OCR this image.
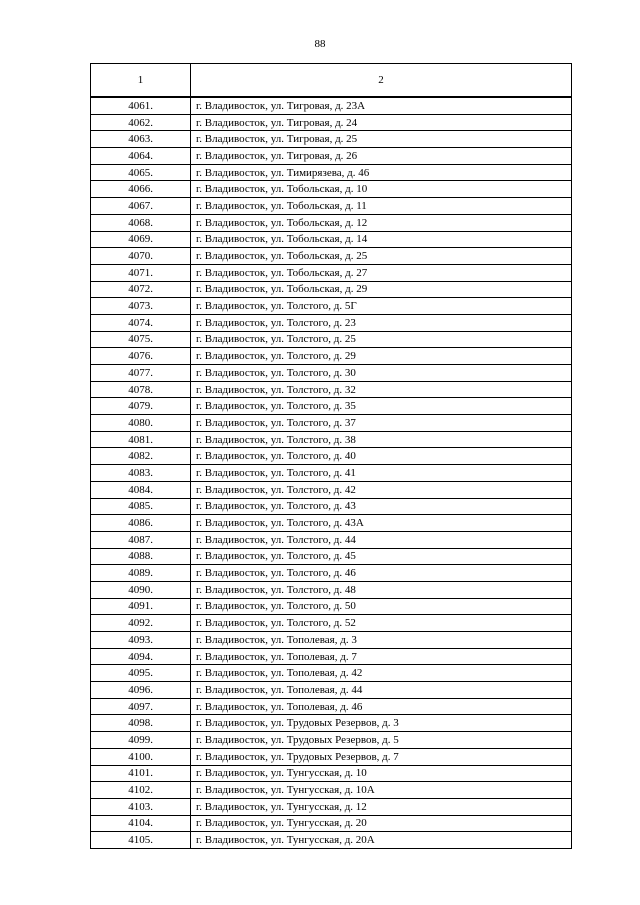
88
1	2
4061.	г. Владивосток, ул. Тигровая, д. 23А
4062.	г. Владивосток, ул. Тигровая, д. 24
4063.	г. Владивосток, ул. Тигровая, д. 25
4064.	г. Владивосток, ул. Тигровая, д. 26
4065.	г. Владивосток, ул. Тимирязева, д. 46
4066.	г. Владивосток, ул. Тобольская, д. 10
4067.	г. Владивосток, ул. Тобольская, д. 11
4068.	г. Владивосток, ул. Тобольская, д. 12
4069.	г. Владивосток, ул. Тобольская, д. 14
4070.	г. Владивосток, ул. Тобольская, д. 25
4071.	г. Владивосток, ул. Тобольская, д. 27
4072.	г. Владивосток, ул. Тобольская, д. 29
4073.	г. Владивосток, ул. Толстого, д. 5Г
4074.	г. Владивосток, ул. Толстого, д. 23
4075.	г. Владивосток, ул. Толстого, д. 25
4076.	г. Владивосток, ул. Толстого, д. 29
4077.	г. Владивосток, ул. Толстого, д. 30
4078.	г. Владивосток, ул. Толстого, д. 32
4079.	г. Владивосток, ул. Толстого, д. 35
4080.	г. Владивосток, ул. Толстого, д. 37
4081.	г. Владивосток, ул. Толстого, д. 38
4082.	г. Владивосток, ул. Толстого, д. 40
4083.	г. Владивосток, ул. Толстого, д. 41
4084.	г. Владивосток, ул. Толстого, д. 42
4085.	г. Владивосток, ул. Толстого, д. 43
4086.	г. Владивосток, ул. Толстого, д. 43А
4087.	г. Владивосток, ул. Толстого, д. 44
4088.	г. Владивосток, ул. Толстого, д. 45
4089.	г. Владивосток, ул. Толстого, д. 46
4090.	г. Владивосток, ул. Толстого, д. 48
4091.	г. Владивосток, ул. Толстого, д. 50
4092.	г. Владивосток, ул. Толстого, д. 52
4093.	г. Владивосток, ул. Тополевая, д. 3
4094.	г. Владивосток, ул. Тополевая, д. 7
4095.	г. Владивосток, ул. Тополевая, д. 42
4096.	г. Владивосток, ул. Тополевая, д. 44
4097.	г. Владивосток, ул. Тополевая, д. 46
4098.	г. Владивосток, ул. Трудовых Резервов, д. 3
4099.	г. Владивосток, ул. Трудовых Резервов, д. 5
4100.	г. Владивосток, ул. Трудовых Резервов, д. 7
4101.	г. Владивосток, ул. Тунгусская, д. 10
4102.	г. Владивосток, ул. Тунгусская, д. 10А
4103.	г. Владивосток, ул. Тунгусская, д. 12
4104.	г. Владивосток, ул. Тунгусская, д. 20
4105.	г. Владивосток, ул. Тунгусская, д. 20А
